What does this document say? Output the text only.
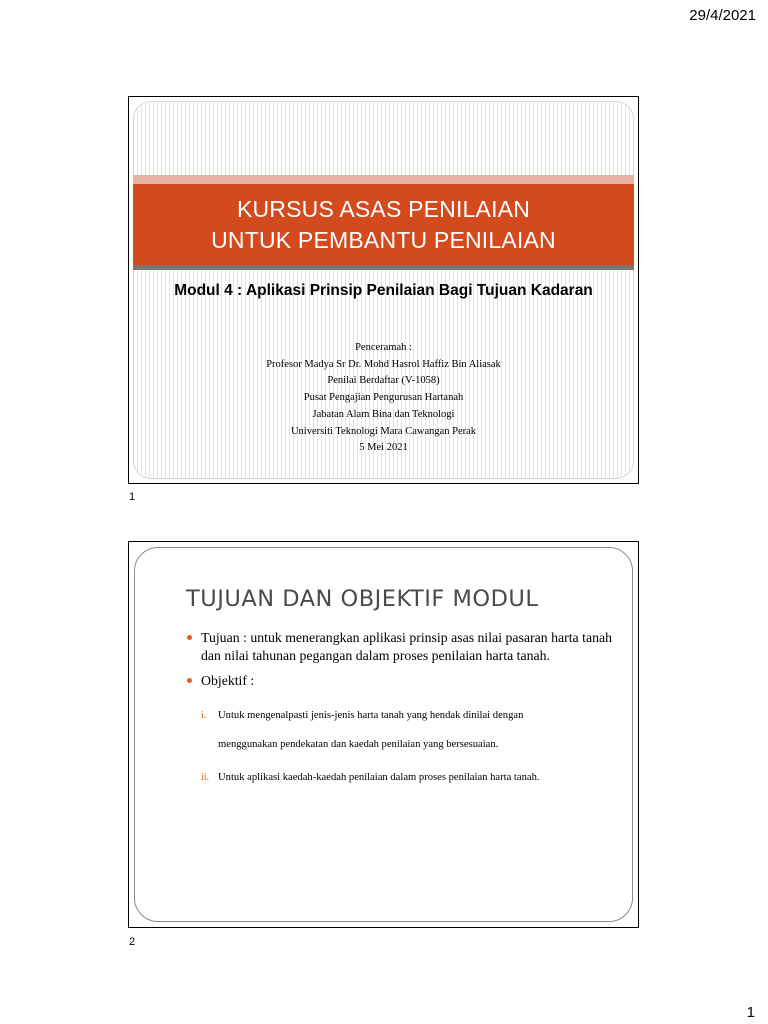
29/4/2021
KURSUS ASAS PENILAIAN
UNTUK PEMBANTU PENILAIAN
Modul 4 : Aplikasi Prinsip Penilaian Bagi Tujuan Kadaran
Penceramah :
Profesor Madya Sr Dr. Mohd Hasrol Haffiz Bin Aliasak
Penilai Berdaftar (V-1058)
Pusat Pengajian Pengurusan Hartanah
Jabatan Alam Bina dan Teknologi
Universiti Teknologi Mara Cawangan Perak
5 Mei 2021
1
TUJUAN DAN OBJEKTIF MODUL
Tujuan : untuk menerangkan aplikasi prinsip asas nilai pasaran harta tanah dan nilai tahunan pegangan dalam proses penilaian harta tanah.
Objektif :
i. Untuk mengenalpasti jenis-jenis harta tanah yang hendak dinilai dengan
menggunakan pendekatan dan kaedah penilaian yang bersesuaian.
ii. Untuk aplikasi kaedah-kaedah penilaian dalam proses penilaian harta tanah.
2
1
